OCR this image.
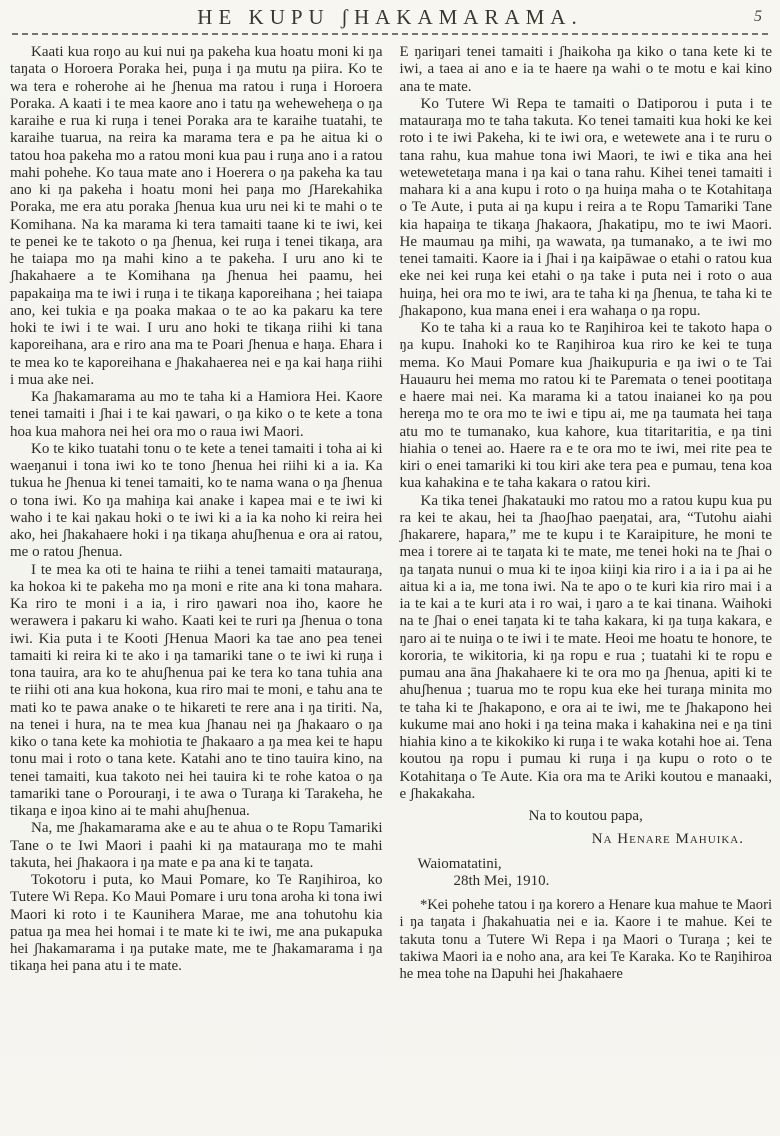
HE KUPU ʃHAKAMARAMA.	5

Kaati kua roŋo au kui nui ŋa pakeha kua hoatu moni ki ŋa taŋata o Horoera Poraka hei, puŋa i ŋa mutu ŋa piira. Ko te wa tera e roherohe ai he ʃhenua ma ratou i ruŋa i Horoera Poraka. A kaati i te mea kaore ano i tatu ŋa weheweheŋa o ŋa karaihe e rua ki ruŋa i tenei Poraka ara te karaihe tuatahi, te karaihe tuarua, na reira ka marama tera e pa he aitua ki o tatou hoa pakeha mo a ratou moni kua pau i ruŋa ano i a ratou mahi pohehe. Ko taua mate ano i Hoerera o ŋa pakeha ka tau ano ki ŋa pakeha i hoatu moni hei paŋa mo ʃHarekahika Poraka, me era atu poraka ʃhenua kua uru nei ki te mahi o te Komihana. Na ka marama ki tera tamaiti taane ki te iwi, kei te penei ke te takoto o ŋa ʃhenua, kei ruŋa i tenei tikaŋa, ara he taiapa mo ŋa mahi kino a te pakeha. I uru ano ki te ʃhakahaere a te Komihana ŋa ʃhenua hei paamu, hei papakaiŋa ma te iwi i ruŋa i te tikaŋa kaporeihana ; hei taiapa ano, kei tukia e ŋa poaka makaa o te ao ka pakaru ka tere hoki te iwi i te wai. I uru ano hoki te tikaŋa riihi ki tana kaporeihana, ara e riro ana ma te Poari ʃhenua e haŋa. Ehara i te mea ko te kaporeihana e ʃhakahaerea nei e ŋa kai haŋa riihi i mua ake nei.

Ka ʃhakamarama au mo te taha ki a Hamiora Hei. Kaore tenei tamaiti i ʃhai i te kai ŋawari, o ŋa kiko o te kete a tona hoa kua mahora nei hei ora mo o raua iwi Maori.

Ko te kiko tuatahi tonu o te kete a tenei tamaiti i toha ai ki waeŋanui i tona iwi ko te tono ʃhenua hei riihi ki a ia. Ka tukua he ʃhenua ki tenei tamaiti, ko te nama wana o ŋa ʃhenua o tona iwi. Ko ŋa mahiŋa kai anake i kapea mai e te iwi ki waho i te kai ŋakau hoki o te iwi ki a ia ka noho ki reira hei ako, hei ʃhakahaere hoki i ŋa tikaŋa ahuʃhenua e ora ai ratou, me o ratou ʃhenua.

I te mea ka oti te haina te riihi a tenei tamaiti matauraŋa, ka hokoa ki te pakeha mo ŋa moni e rite ana ki tona mahara. Ka riro te moni i a ia, i riro ŋawari noa iho, kaore he werawera i pakaru ki waho. Kaati kei te ruri ŋa ʃhenua o tona iwi. Kia puta i te Kooti ʃHenua Maori ka tae ano pea tenei tamaiti ki reira ki te ako i ŋa tamariki tane o te iwi ki ruŋa i tona tauira, ara ko te ahuʃhenua pai ke tera ko tana tuhia ana te riihi oti ana kua hokona, kua riro mai te moni, e tahu ana te mati ko te pawa anake o te hikareti te rere ana i ŋa tiriti. Na, na tenei i hura, na te mea kua ʃhanau nei ŋa ʃhakaaro o ŋa kiko o tana kete ka mohiotia te ʃhakaaro a ŋa mea kei te hapu tonu mai i roto o tana kete. Katahi ano te tino tauira kino, na tenei tamaiti, kua takoto nei hei tauira ki te rohe katoa o ŋa tamariki tane o Porouraŋi, i te awa o Turaŋa ki Tarakeha, he tikaŋa e iŋoa kino ai te mahi ahuʃhenua.

Na, me ʃhakamarama ake e au te ahua o te Ropu Tamariki Tane o te Iwi Maori i paahi ki ŋa matauraŋa mo te mahi takuta, hei ʃhakaora i ŋa mate e pa ana ki te taŋata.

Tokotoru i puta, ko Maui Pomare, ko Te Raŋihiroa, ko Tutere Wi Repa. Ko Maui Pomare i uru tona aroha ki tona iwi Maori ki roto i te Kaunihera Marae, me ana tohutohu kia patua ŋa mea hei homai i te mate ki te iwi, me ana pukapuka hei ʃhakamarama i ŋa putake mate, me te ʃhakamarama i ŋa tikaŋa hei pana atu i te mate.

E ŋariŋari tenei tamaiti i ʃhaikoha ŋa kiko o tana kete ki te iwi, a taea ai ano e ia te haere ŋa wahi o te motu e kai kino ana te mate.

Ko Tutere Wi Repa te tamaiti o Ŋatiporou i puta i te matauraŋa mo te taha takuta. Ko tenei tamaiti kua hoki ke kei roto i te iwi Pakeha, ki te iwi ora, e wetewete ana i te ruru o tana rahu, kua mahue tona iwi Maori, te iwi e tika ana hei wetewetetaŋa mana i ŋa kai o tana rahu. Kihei tenei tamaiti i mahara ki a ana kupu i roto o ŋa huiŋa maha o te Kotahitaŋa o Te Aute, i puta ai ŋa kupu i reira a te Ropu Tamariki Tane kia hapaiŋa te tikaŋa ʃhakaora, ʃhakatipu, mo te iwi Maori. He maumau ŋa mihi, ŋa wawata, ŋa tumanako, a te iwi mo tenei tamaiti. Kaore ia i ʃhai i ŋa kaipāwae o etahi o ratou kua eke nei kei ruŋa kei etahi o ŋa take i puta nei i roto o aua huiŋa, hei ora mo te iwi, ara te taha ki ŋa ʃhenua, te taha ki te ʃhakapono, kua mana enei i era wahaŋa o ŋa ropu.

Ko te taha ki a raua ko te Raŋihiroa kei te takoto hapa o ŋa kupu. Inahoki ko te Raŋihiroa kua riro ke kei te tuŋa mema. Ko Maui Pomare kua ʃhaikupuria e ŋa iwi o te Tai Hauauru hei mema mo ratou ki te Paremata o tenei pootitaŋa e haere mai nei. Ka marama ki a tatou inaianei ko ŋa pou hereŋa mo te ora mo te iwi e tipu ai, me ŋa taumata hei taŋa atu mo te tumanako, kua kahore, kua titaritaritia, e ŋa tini hiahia o tenei ao. Haere ra e te ora mo te iwi, mei rite pea te kiri o enei tamariki ki tou kiri ake tera pea e pumau, tena koa kua kahakina e te taha kakara o ratou kiri.

Ka tika tenei ʃhakatauki mo ratou mo a ratou kupu kua pu ra kei te akau, hei ta ʃhaoʃhao paeŋatai, ara, “Tutohu aiahi ʃhakarere, hapara,” me te kupu i te Karaipiture, he moni te mea i torere ai te taŋata ki te mate, me tenei hoki na te ʃhai o ŋa taŋata nunui o mua ki te iŋoa kiiŋi kia riro i a ia i pa ai he aitua ki a ia, me tona iwi. Na te apo o te kuri kia riro mai i a ia te kai a te kuri ata i ro wai, i ŋaro a te kai tinana. Waihoki na te ʃhai o enei taŋata ki te taha kakara, ki ŋa tuŋa kakara, e ŋaro ai te nuiŋa o te iwi i te mate. Heoi me hoatu te honore, te kororia, te wikitoria, ki ŋa ropu e rua ; tuatahi ki te ropu e pumau ana āna ʃhakahaere ki te ora mo ŋa ʃhenua, apiti ki te ahuʃhenua ; tuarua mo te ropu kua eke hei turaŋa minita mo te taha ki te ʃhakapono, e ora ai te iwi, me te ʃhakapono hei kukume mai ano hoki i ŋa teina maka i kahakina nei e ŋa tini hiahia kino a te kikokiko ki ruŋa i te waka kotahi hoe ai. Tena koutou ŋa ropu i pumau ki ruŋa i ŋa kupu o roto o te Kotahitaŋa o Te Aute. Kia ora ma te Ariki koutou e manaaki, e ʃhakakaha.

Na to koutou papa,

Na Henare Mahuika.

Waiomatatini,

28th Mei, 1910.

*Kei pohehe tatou i ŋa korero a Henare kua mahue te Maori i ŋa taŋata i ʃhakahuatia nei e ia. Kaore i te mahue. Kei te takuta tonu a Tutere Wi Repa i ŋa Maori o Turaŋa ; kei te takiwa Maori ia e noho ana, ara kei Te Karaka. Ko te Raŋihiroa he mea tohe na Ŋapuhi hei ʃhakahaere
